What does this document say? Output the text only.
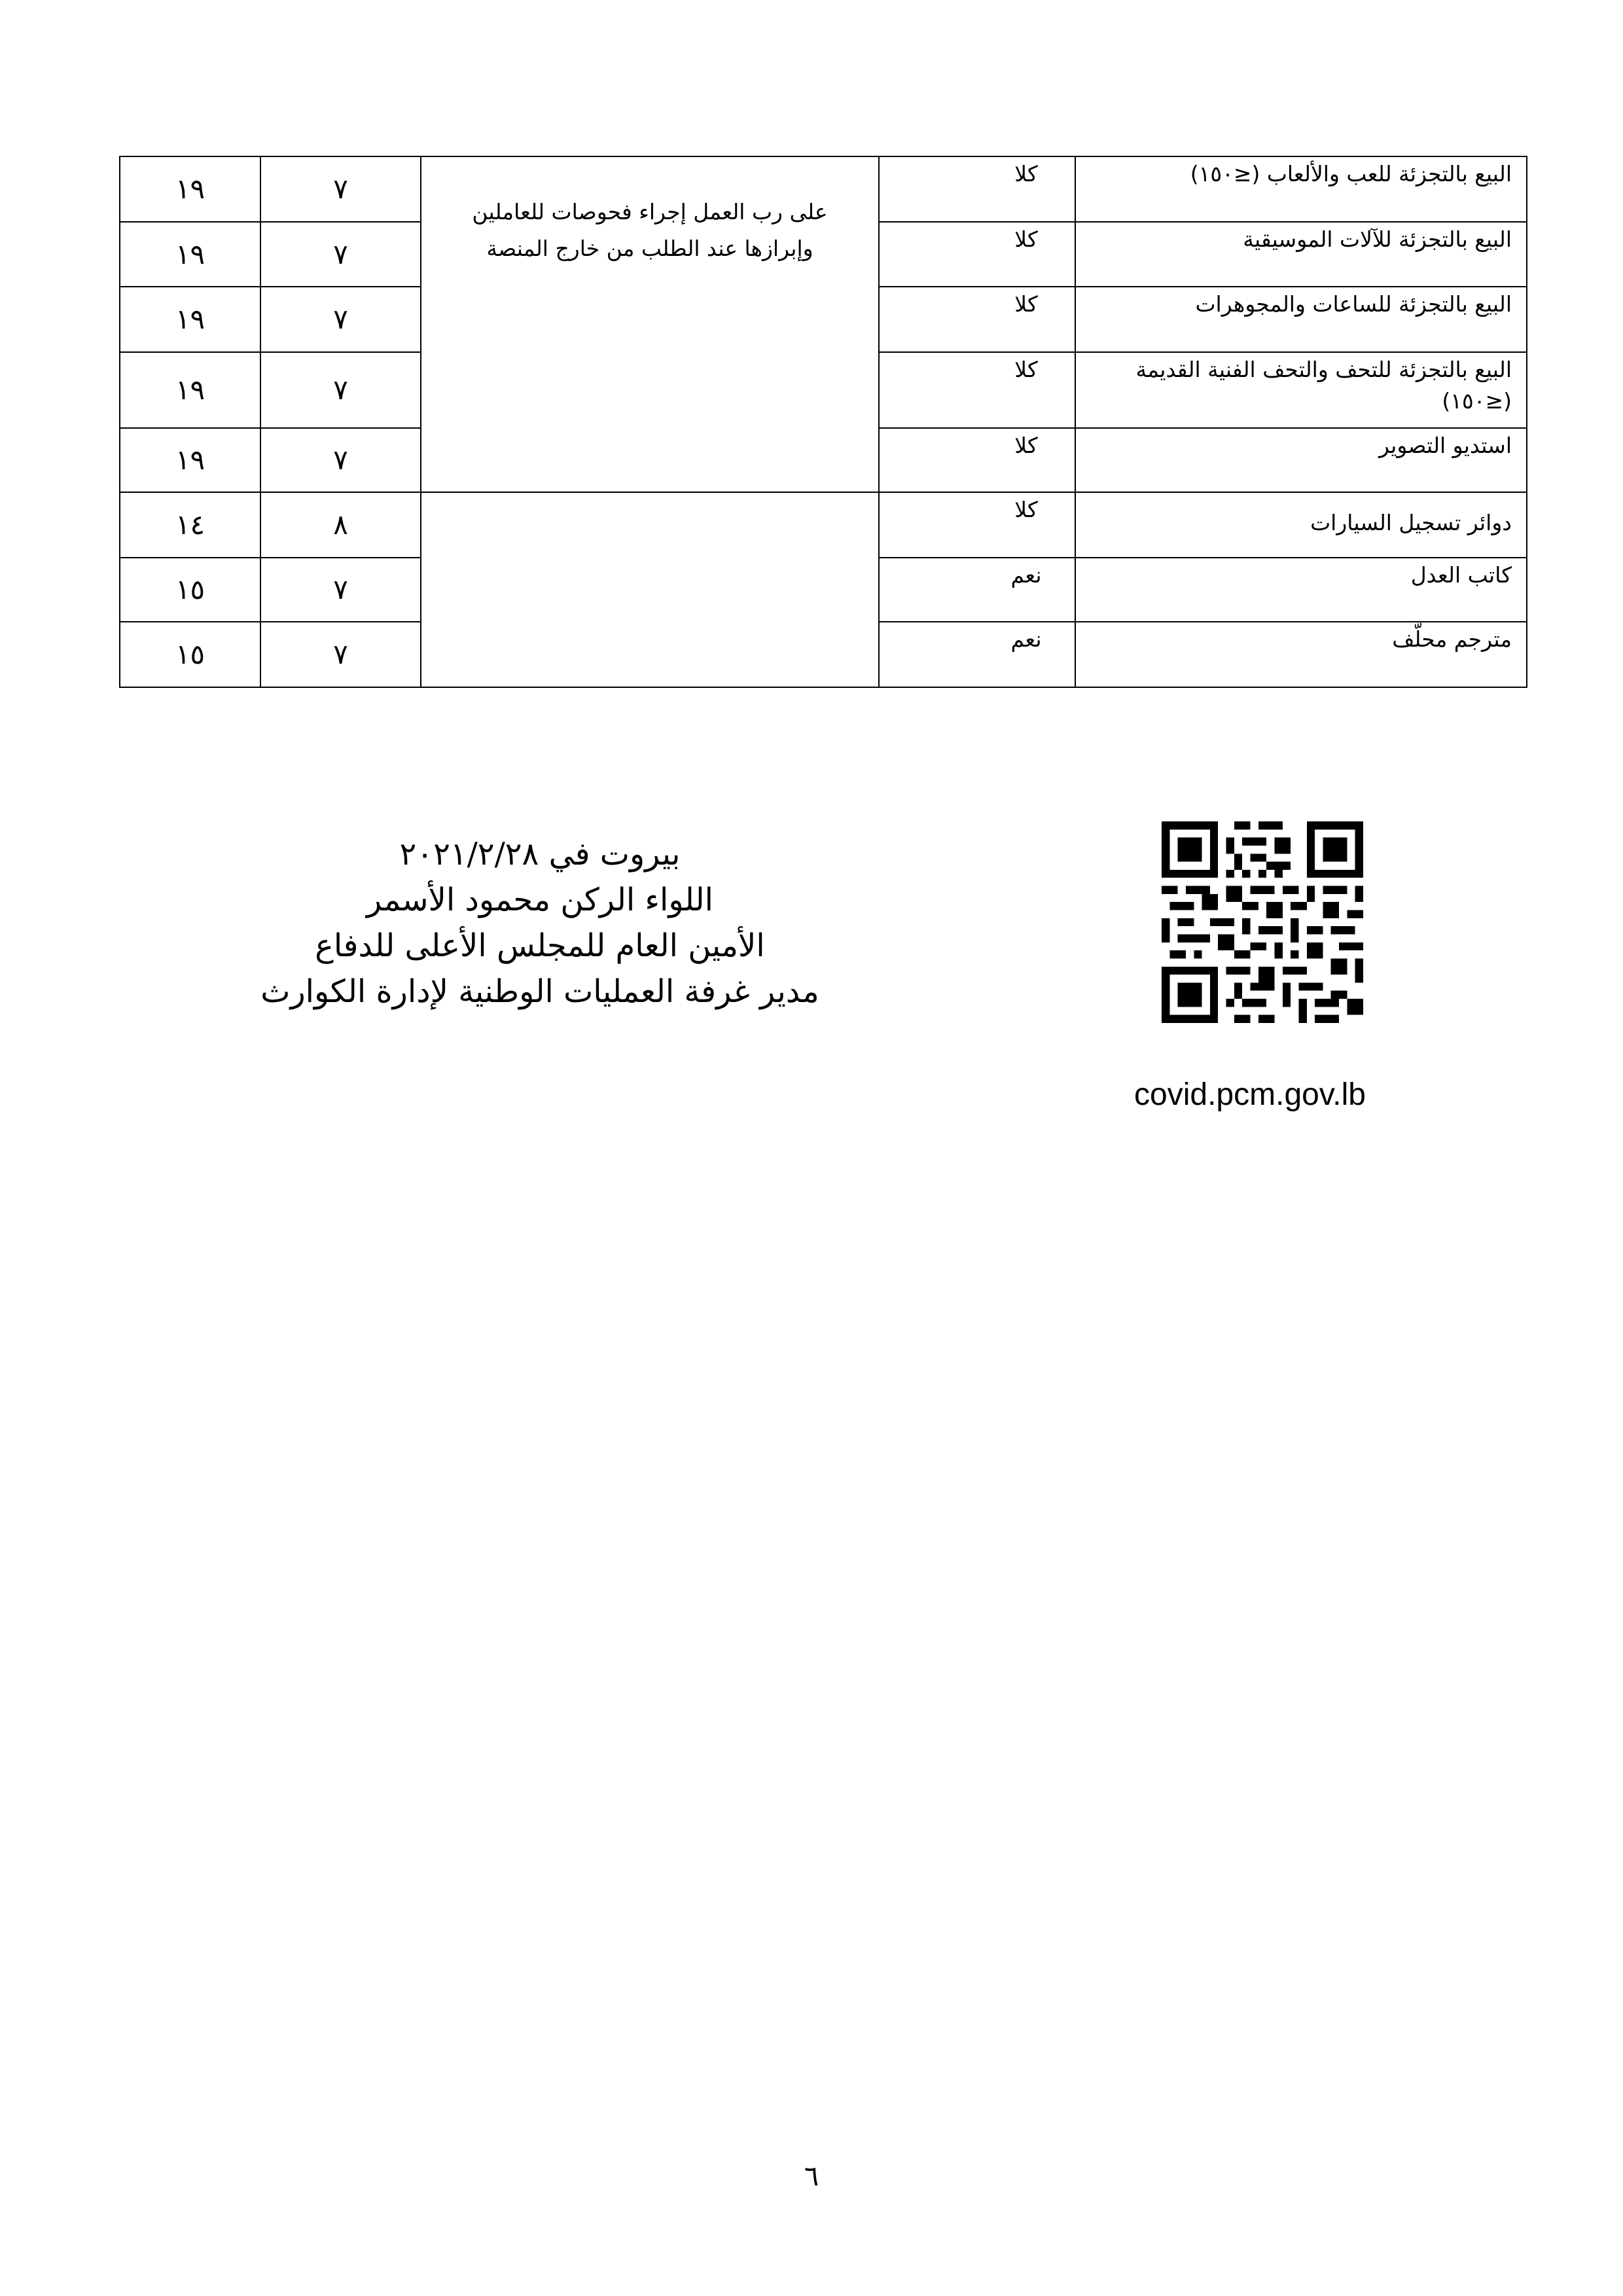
البيع بالتجزئة للعب والألعاب (≤١٥٠)	كلا	على رب العمل إجراء فحوصات للعاملين وإبرازها عند الطلب من خارج المنصة	٧	١٩
البيع بالتجزئة للآلات الموسيقية	كلا		٧	١٩
البيع بالتجزئة للساعات والمجوهرات	كلا		٧	١٩
البيع بالتجزئة للتحف والتحف الفنية القديمة (≤١٥٠)	كلا		٧	١٩
استديو التصوير	كلا		٧	١٩
دوائر تسجيل السيارات	كلا		٨	١٤
كاتب العدل	نعم		٧	١٥
مترجم محلّف	نعم		٧	١٥
بيروت في ٢٠٢١/٢/٢٨
اللواء الركن محمود الأسمر
الأمين العام للمجلس الأعلى للدفاع
مدير غرفة العمليات الوطنية لإدارة الكوارث
covid.pcm.gov.lb
٦
